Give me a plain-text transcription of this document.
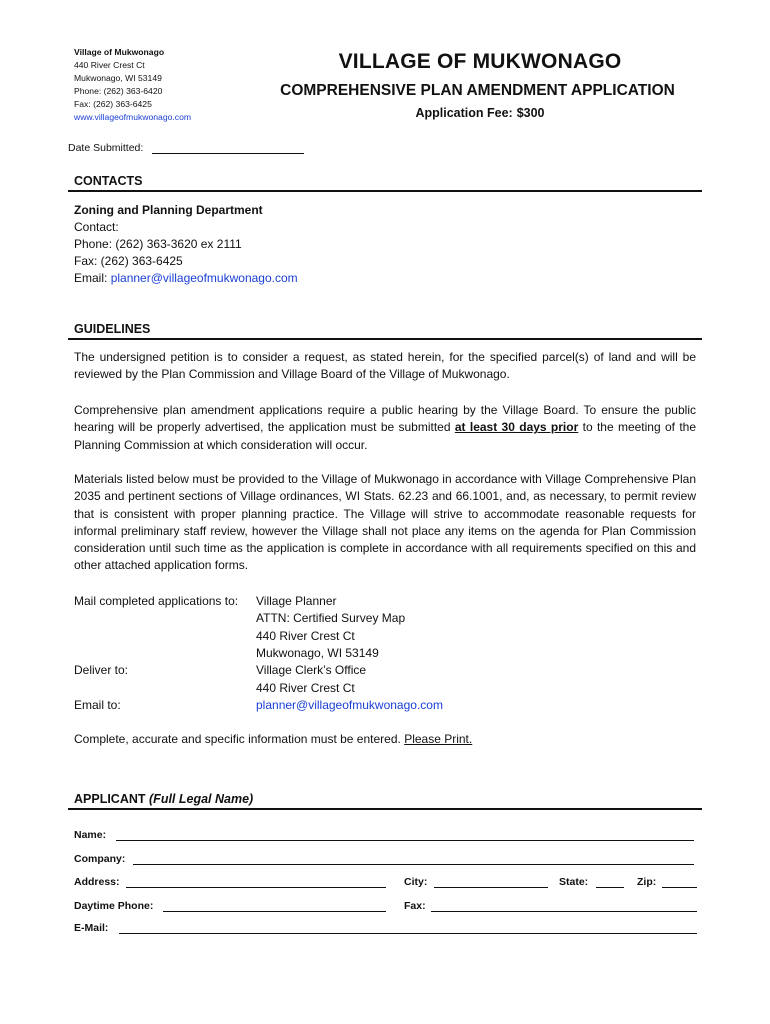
Village of Mukwonago
440 River Crest Ct
Mukwonago, WI 53149
Phone: (262) 363-6420
Fax: (262) 363-6425
www.villageofmukwonago.com
VILLAGE OF MUKWONAGO
COMPREHENSIVE PLAN AMENDMENT APPLICATION
Application Fee: $300
Date Submitted:
CONTACTS
Zoning and Planning Department
Contact:
Phone: (262) 363-3620 ex 2111
Fax: (262) 363-6425
Email: planner@villageofmukwonago.com
GUIDELINES
The undersigned petition is to consider a request, as stated herein, for the specified parcel(s) of land and will be reviewed by the Plan Commission and Village Board of the Village of Mukwonago.
Comprehensive plan amendment applications require a public hearing by the Village Board. To ensure the public hearing will be properly advertised, the application must be submitted at least 30 days prior to the meeting of the Planning Commission at which consideration will occur.
Materials listed below must be provided to the Village of Mukwonago in accordance with Village Comprehensive Plan 2035 and pertinent sections of Village ordinances, WI Stats. 62.23 and 66.1001, and, as necessary, to permit review that is consistent with proper planning practice. The Village will strive to accommodate reasonable requests for informal preliminary staff review, however the Village shall not place any items on the agenda for Plan Commission consideration until such time as the application is complete in accordance with all requirements specified on this and other attached application forms.
Mail completed applications to: Village Planner
ATTN: Certified Survey Map
440 River Crest Ct
Mukwonago, WI 53149
Deliver to:	Village Clerk’s Office
440 River Crest Ct
Email to:	planner@villageofmukwonago.com
Complete, accurate and specific information must be entered. Please Print.
APPLICANT (Full Legal Name)
Name:
Company:
Address:	City:	State:	Zip:
Daytime Phone:	Fax:
E-Mail:
